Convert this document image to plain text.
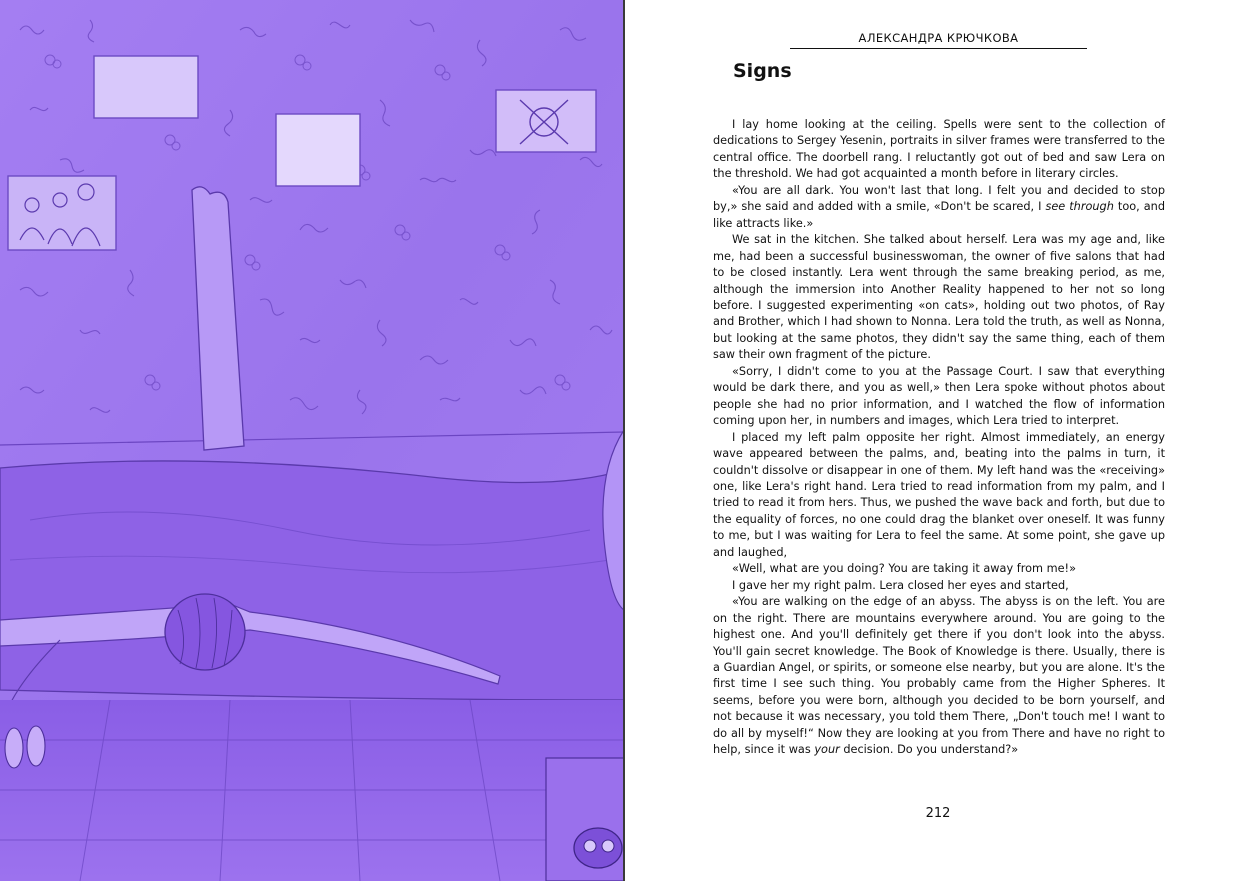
АЛЕКСАНДРА КРЮЧКОВА
Signs

I lay home looking at the ceiling. Spells were sent to the collection of dedications to Sergey Yesenin, portraits in silver frames were transferred to the central office. The doorbell rang. I reluctantly got out of bed and saw Lera on the threshold. We had got acquainted a month before in literary circles.

«You are all dark. You won't last that long. I felt you and decided to stop by,» she said and added with a smile, «Don't be scared, I see through too, and like attracts like.»

We sat in the kitchen. She talked about herself. Lera was my age and, like me, had been a successful businesswoman, the owner of five salons that had to be closed instantly. Lera went through the same breaking period, as me, although the immersion into Another Reality happened to her not so long before. I suggested experimenting «on cats», holding out two photos, of Ray and Brother, which I had shown to Nonna. Lera told the truth, as well as Nonna, but looking at the same photos, they didn't say the same thing, each of them saw their own fragment of the picture.

«Sorry, I didn't come to you at the Passage Court. I saw that everything would be dark there, and you as well,» then Lera spoke without photos about people she had no prior information, and I watched the flow of information coming upon her, in numbers and images, which Lera tried to interpret.

I placed my left palm opposite her right. Almost immediately, an energy wave appeared between the palms, and, beating into the palms in turn, it couldn't dissolve or disappear in one of them. My left hand was the «receiving» one, like Lera's right hand. Lera tried to read information from my palm, and I tried to read it from hers. Thus, we pushed the wave back and forth, but due to the equality of forces, no one could drag the blanket over oneself. It was funny to me, but I was waiting for Lera to feel the same. At some point, she gave up and laughed,

«Well, what are you doing? You are taking it away from me!»

I gave her my right palm. Lera closed her eyes and started,

«You are walking on the edge of an abyss. The abyss is on the left. You are on the right. There are mountains everywhere around. You are going to the highest one. And you'll definitely get there if you don't look into the abyss. You'll gain secret knowledge. The Book of Knowledge is there. Usually, there is a Guardian Angel, or spirits, or someone else nearby, but you are alone. It's the first time I see such thing. You probably came from the Higher Spheres. It seems, before you were born, although you decided to be born yourself, and not because it was necessary, you told them There, „Don't touch me! I want to do all by myself!“ Now they are looking at you from There and have no right to help, since it was your decision. Do you understand?»

212
